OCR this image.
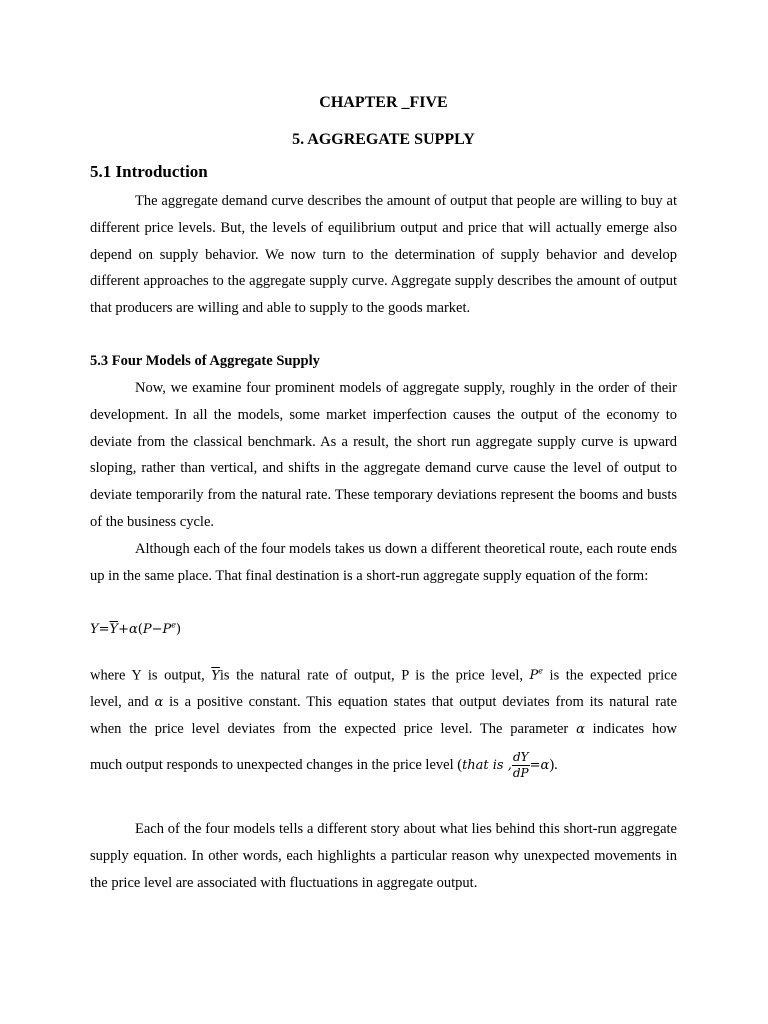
CHAPTER _FIVE
5. AGGREGATE SUPPLY
5.1 Introduction

The aggregate demand curve describes the amount of output that people are willing to buy at different price levels. But, the levels of equilibrium output and price that will actually emerge also depend on supply behavior. We now turn to the determination of supply behavior and develop different approaches to the aggregate supply curve. Aggregate supply describes the amount of output that producers are willing and able to supply to the goods market.

5.3 Four Models of Aggregate Supply

Now, we examine four prominent models of aggregate supply, roughly in the order of their development. In all the models, some market imperfection causes the output of the economy to deviate from the classical benchmark. As a result, the short run aggregate supply curve is upward sloping, rather than vertical, and shifts in the aggregate demand curve cause the level of output to deviate temporarily from the natural rate. These temporary deviations represent the booms and busts of the business cycle.

Although each of the four models takes us down a different theoretical route, each route ends up in the same place. That final destination is a short-run aggregate supply equation of the form:

$Y=\overline{Y}+\alpha(P-P^e)$
where Y is output, $\overline{Y}is$ the natural rate of output, P is the price level, $P^e$ is the expected price
level, and α is a positive constant. This equation states that output deviates from its natural rate
when the price level deviates from the expected price level. The parameter α indicates how
much output responds to unexpected changes in the price level (that is , $\frac{dY}{dP} =\alpha$).

Each of the four models tells a different story about what lies behind this short-run aggregate supply equation. In other words, each highlights a particular reason why unexpected movements in the price level are associated with fluctuations in aggregate output.
